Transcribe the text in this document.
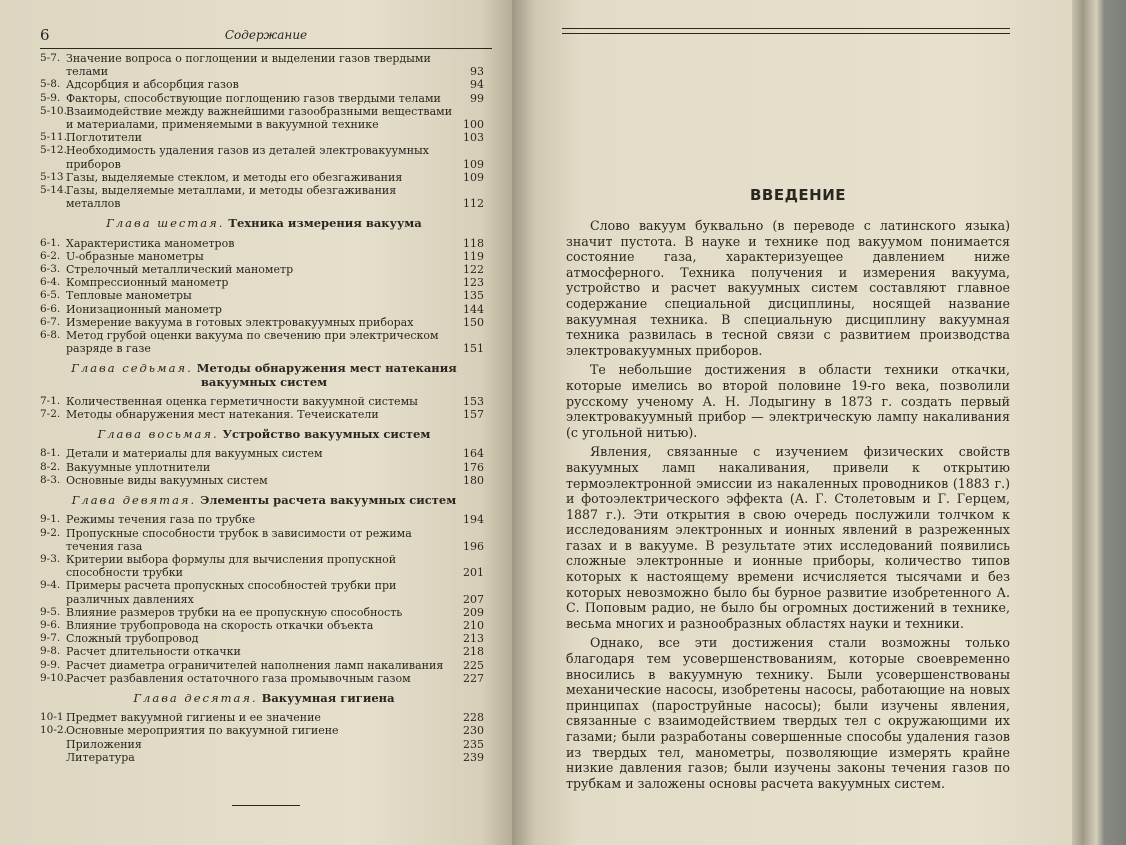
6	Содержание
5-7. Значение вопроса о поглощении и выделении газов твердыми телами	93
5-8. Адсорбция и абсорбция газов	94
5-9. Факторы, способствующие поглощению газов твердыми телами	99
5-10. Взаимодействие между важнейшими газообразными веществами и материалами, применяемыми в вакуумной технике	100
5-11. Поглотители	103
5-12. Необходимость удаления газов из деталей электровакуумных приборов	109
5-13 Газы, выделяемые стеклом, и методы его обезгаживания	109
5-14. Газы, выделяемые металлами, и методы обезгаживания металлов	112
Глава шестая. Техника измерения вакуума
6-1. Характеристика манометров	118
6-2. U-образные манометры	119
6-3. Стрелочный металлический манометр	122
6-4. Компрессионный манометр	123
6-5. Тепловые манометры	135
6-6. Ионизационный манометр	144
6-7. Измерение вакуума в готовых электровакуумных приборах	150
6-8. Метод грубой оценки вакуума по свечению при электрическом разряде в газе	151
Глава седьмая. Методы обнаружения мест натекания вакуумных систем
7-1. Количественная оценка герметичности вакуумной системы	153
7-2. Методы обнаружения мест натекания. Течеискатели	157
Глава восьмая. Устройство вакуумных систем
8-1. Детали и материалы для вакуумных систем	164
8-2. Вакуумные уплотнители	176
8-3. Основные виды вакуумных систем	180
Глава девятая. Элементы расчета вакуумных систем
9-1. Режимы течения газа по трубке	194
9-2. Пропускные способности трубок в зависимости от режима течения газа	196
9-3. Критерии выбора формулы для вычисления пропускной способности трубки	201
9-4. Примеры расчета пропускных способностей трубки при различных давлениях	207
9-5. Влияние размеров трубки на ее пропускную способность	209
9-6. Влияние трубопровода на скорость откачки объекта	210
9-7. Сложный трубопровод	213
9-8. Расчет длительности откачки	218
9-9. Расчет диаметра ограничителей наполнения ламп накаливания 225
9-10. Расчет разбавления остаточного газа промывочным газом	227
Глава десятая. Вакуумная гигиена
10-1 Предмет вакуумной гигиены и ее значение	228
10-2. Основные мероприятия по вакуумной гигиене	230
Приложения	235
Литература	239
ВВЕДЕНИЕ

Слово вакуум буквально (в переводе с латинского языка) значит пустота. В науке и технике под вакуумом понимается состояние газа, характеризуещее давлением ниже атмосферного. Техника получения и измерения вакуума, устройство и расчет вакуумных систем составляют главное содержание специальной дисциплины, носящей название вакуумная техника. В специальную дисциплину вакуумная техника развилась в тесной связи с развитием производства электровакуумных приборов.

Те небольшие достижения в области техники откачки, которые имелись во второй половине 19-го века, позволили русскому ученому А. Н. Лодыгину в 1873 г. создать первый электровакуумный прибор — электрическую лампу накаливания (с угольной нитью).

Явления, связанные с изучением физических свойств вакуумных ламп накаливания, привели к открытию термоэлектронной эмиссии из накаленных проводников (1883 г.) и фотоэлектрического эффекта (А. Г. Столетовым и Г. Герцем, 1887 г.). Эти открытия в свою очередь послужили толчком к исследованиям электронных и ионных явлений в разреженных газах и в вакууме. В результате этих исследований появились сложные электронные и ионные приборы, количество типов которых к настоящему времени исчисляется тысячами и без которых невозможно было бы бурное развитие изобретенного А. С. Поповым радио, не было бы огромных достижений в технике, весьма многих и разнообразных областях науки и техники.

Однако, все эти достижения стали возможны только благодаря тем усовершенствованиям, которые своевременно вносились в вакуумную технику. Были усовершенствованы механические насосы, изобретены насосы, работающие на новых принципах (пароструйные насосы); были изучены явления, связанные с взаимодействием твердых тел с окружающими их газами; были разработаны совершенные способы удаления газов из твердых тел, манометры, позволяющие измерять крайне низкие давления газов; были изучены законы течения газов по трубкам и заложены основы расчета вакуумных систем.
